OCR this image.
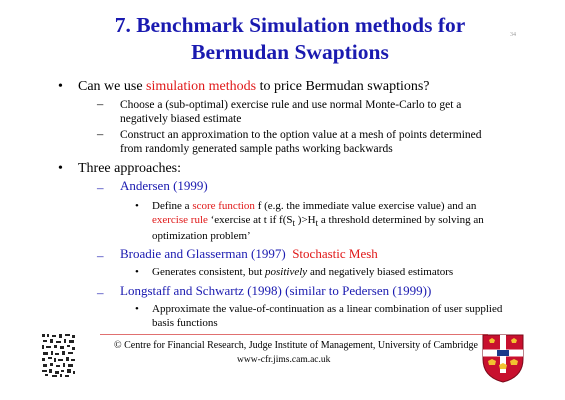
7. Benchmark Simulation methods for
Bermudan Swaptions
34
• Can we use simulation methods to price Bermudan swaptions?
– Choose a (sub-optimal) exercise rule and use normal Monte-Carlo to get a
negatively biased estimate
– Construct an approximation to the option value at a mesh of points determined
from randomly generated sample paths working backwards
• Three approaches:
– Andersen (1999)
• Define a score function f (e.g. the immediate value exercise value) and an
exercise rule ‘exercise at t if $f(S_t$ )$>H_t$ a threshold determined by solving an
optimization problem’
– Broadie and Glasserman (1997) Stochastic Mesh
• Generates consistent, but positively and negatively biased estimators
– Longstaff and Schwartz (1998) (similar to Pedersen (1999))
• Approximate the value-of-continuation as a linear combination of user supplied
basis functions
© Centre for Financial Research, Judge Institute of Management, University of Cambridge
www-cfr.jims.cam.ac.uk
